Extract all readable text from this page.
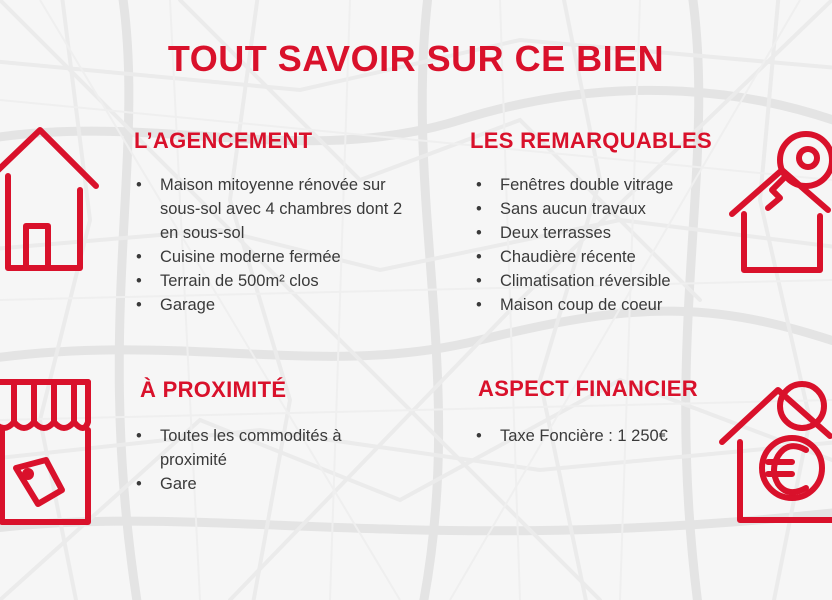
TOUT SAVOIR SUR CE BIEN
L’AGENCEMENT
• Maison mitoyenne rénovée sur sous-sol avec 4 chambres dont 2 en sous-sol
• Cuisine moderne fermée
• Terrain de 500m² clos
• Garage
LES REMARQUABLES
• Fenêtres double vitrage
• Sans aucun travaux
• Deux terrasses
• Chaudière récente
• Climatisation réversible
• Maison coup de coeur
À PROXIMITÉ
• Toutes les commodités à proximité
• Gare
ASPECT FINANCIER
• Taxe Foncière : 1 250€
